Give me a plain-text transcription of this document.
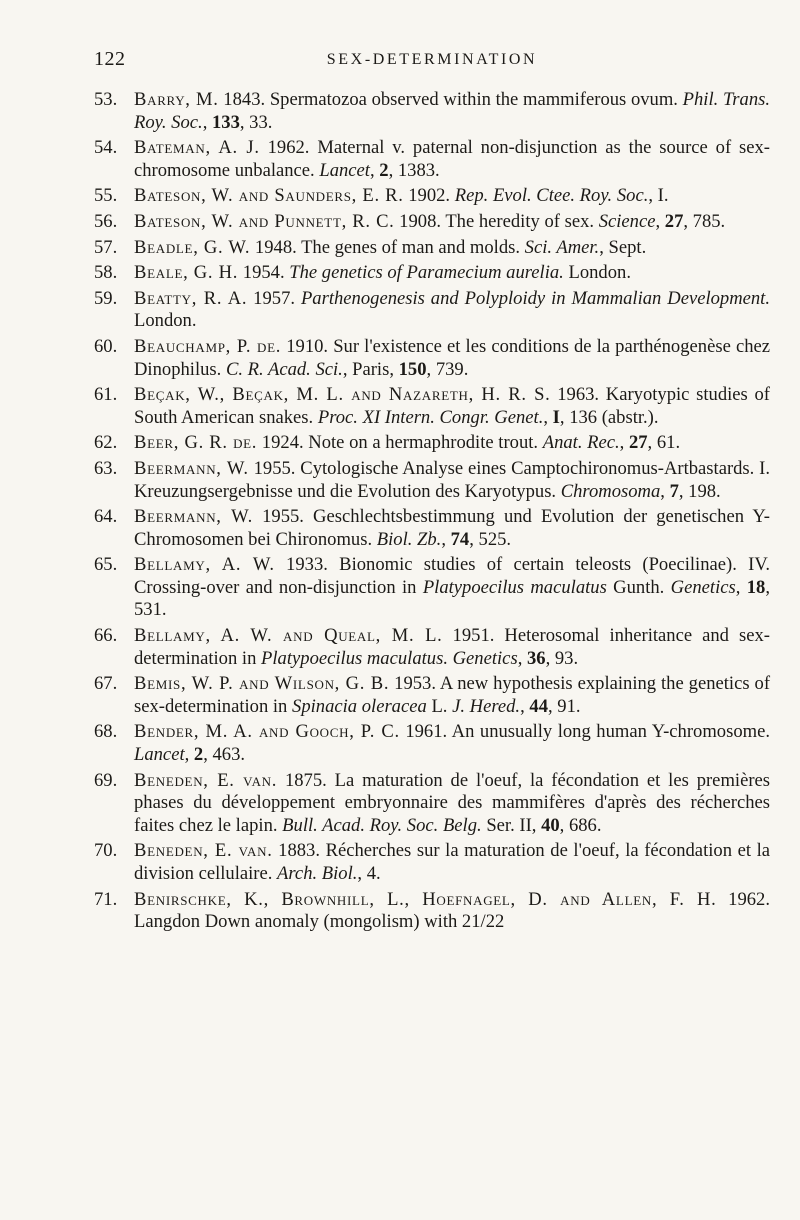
122	SEX-DETERMINATION
53. Barry, M. 1843. Spermatozoa observed within the mammiferous ovum. Phil. Trans. Roy. Soc., 133, 33.
54. Bateman, A. J. 1962. Maternal v. paternal non-disjunction as the source of sex-chromosome unbalance. Lancet, 2, 1383.
55. Bateson, W. and Saunders, E. R. 1902. Rep. Evol. Ctee. Roy. Soc., I.
56. Bateson, W. and Punnett, R. C. 1908. The heredity of sex. Science, 27, 785.
57. Beadle, G. W. 1948. The genes of man and molds. Sci. Amer., Sept.
58. Beale, G. H. 1954. The genetics of Paramecium aurelia. London.
59. Beatty, R. A. 1957. Parthenogenesis and Polyploidy in Mammalian Development. London.
60. Beauchamp, P. de. 1910. Sur l'existence et les conditions de la parthénogenèse chez Dinophilus. C. R. Acad. Sci., Paris, 150, 739.
61. Beçak, W., Beçak, M. L. and Nazareth, H. R. S. 1963. Karyotypic studies of South American snakes. Proc. XI Intern. Congr. Genet., I, 136 (abstr.).
62. Beer, G. R. de. 1924. Note on a hermaphrodite trout. Anat. Rec., 27, 61.
63. Beermann, W. 1955. Cytologische Analyse eines Camptochironomus-Artbastards. I. Kreuzungsergebnisse und die Evolution des Karyotypus. Chromosoma, 7, 198.
64. Beermann, W. 1955. Geschlechtsbestimmung und Evolution der genetischen Y-Chromosomen bei Chironomus. Biol. Zb., 74, 525.
65. Bellamy, A. W. 1933. Bionomic studies of certain teleosts (Poecilinae). IV. Crossing-over and non-disjunction in Platypoecilus maculatus Gunth. Genetics, 18, 531.
66. Bellamy, A. W. and Queal, M. L. 1951. Heterosomal inheritance and sex-determination in Platypoecilus maculatus. Genetics, 36, 93.
67. Bemis, W. P. and Wilson, G. B. 1953. A new hypothesis explaining the genetics of sex-determination in Spinacia oleracea L. J. Hered., 44, 91.
68. Bender, M. A. and Gooch, P. C. 1961. An unusually long human Y-chromosome. Lancet, 2, 463.
69. Beneden, E. van. 1875. La maturation de l'oeuf, la fécondation et les premières phases du développement embryonnaire des mammifères d'après des récherches faites chez le lapin. Bull. Acad. Roy. Soc. Belg. Ser. II, 40, 686.
70. Beneden, E. van. 1883. Récherches sur la maturation de l'oeuf, la fécondation et la division cellulaire. Arch. Biol., 4.
71. Benirschke, K., Brownhill, L., Hoefnagel, D. and Allen, F. H. 1962. Langdon Down anomaly (mongolism) with 21/22
